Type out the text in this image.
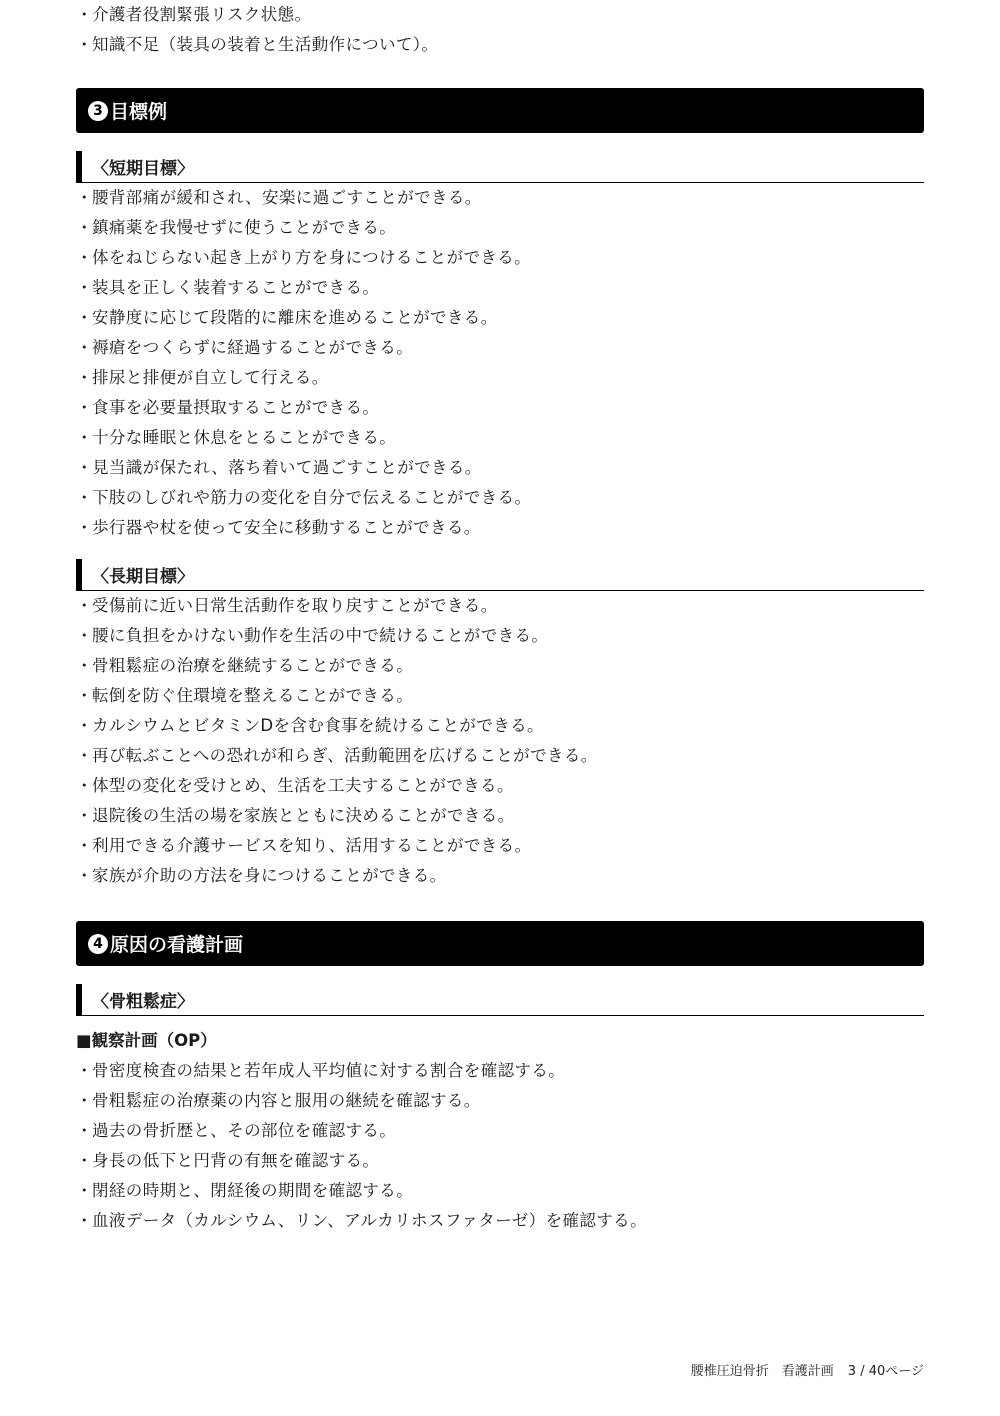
・ 介護者役割緊張リスク状態。
・ 知識不足（装具の装着と生活動作について）。
3 目標例
〈短期目標〉
・ 腰背部痛が緩和され、安楽に過ごすことができる。
・ 鎮痛薬を我慢せずに使うことができる。
・ 体をねじらない起き上がり方を身につけることができる。
・ 装具を正しく装着することができる。
・ 安静度に応じて段階的に離床を進めることができる。
・ 褥瘡をつくらずに経過することができる。
・ 排尿と排便が自立して行える。
・ 食事を必要量摂取することができる。
・ 十分な睡眠と休息をとることができる。
・ 見当識が保たれ、落ち着いて過ごすことができる。
・ 下肢のしびれや筋力の変化を自分で伝えることができる。
・ 歩行器や杖を使って安全に移動することができる。
〈長期目標〉
・ 受傷前に近い日常生活動作を取り戻すことができる。
・ 腰に負担をかけない動作を生活の中で続けることができる。
・ 骨粗鬆症の治療を継続することができる。
・ 転倒を防ぐ住環境を整えることができる。
・ カルシウムとビタミンDを含む食事を続けることができる。
・ 再び転ぶことへの恐れが和らぎ、活動範囲を広げることができる。
・ 体型の変化を受けとめ、生活を工夫することができる。
・ 退院後の生活の場を家族とともに決めることができる。
・ 利用できる介護サービスを知り、活用することができる。
・ 家族が介助の方法を身につけることができる。
4 原因の看護計画
〈骨粗鬆症〉
■観察計画（OP）
・ 骨密度検査の結果と若年成人平均値に対する割合を確認する。
・ 骨粗鬆症の治療薬の内容と服用の継続を確認する。
・ 過去の骨折歴と、その部位を確認する。
・ 身長の低下と円背の有無を確認する。
・ 閉経の時期と、閉経後の期間を確認する。
・ 血液データ（カルシウム、リン、アルカリホスファターゼ）を確認する。
腰椎圧迫骨折　看護計画 3 / 40ページ
